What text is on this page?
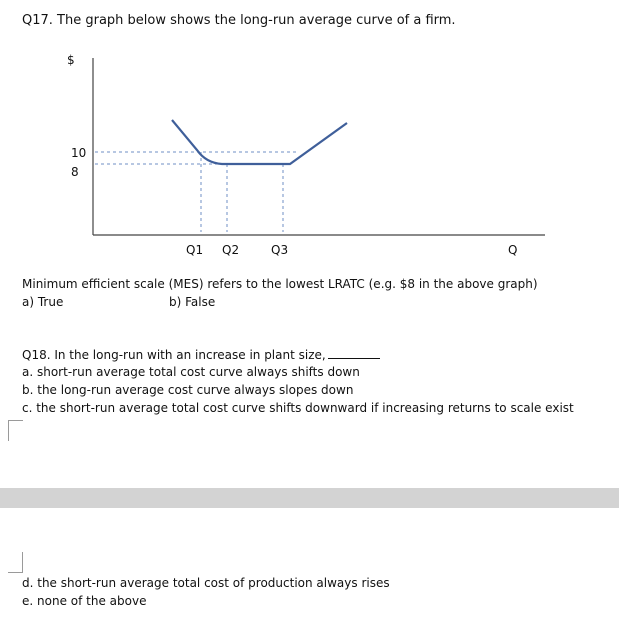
Q17. The graph below shows the long-run average curve of a firm.
$
10
8
Q1 Q2	Q3	Q
Minimum efficient scale (MES) refers to the lowest LRATC (e.g. $8 in the above graph)
a) True	b) False
Q18. In the long-run with an increase in plant size,
a. short-run average total cost curve always shifts down
b. the long-run average cost curve always slopes down
c. the short-run average total cost curve shifts downward if increasing returns to scale exist
d. the short-run average total cost of production always rises
e. none of the above
